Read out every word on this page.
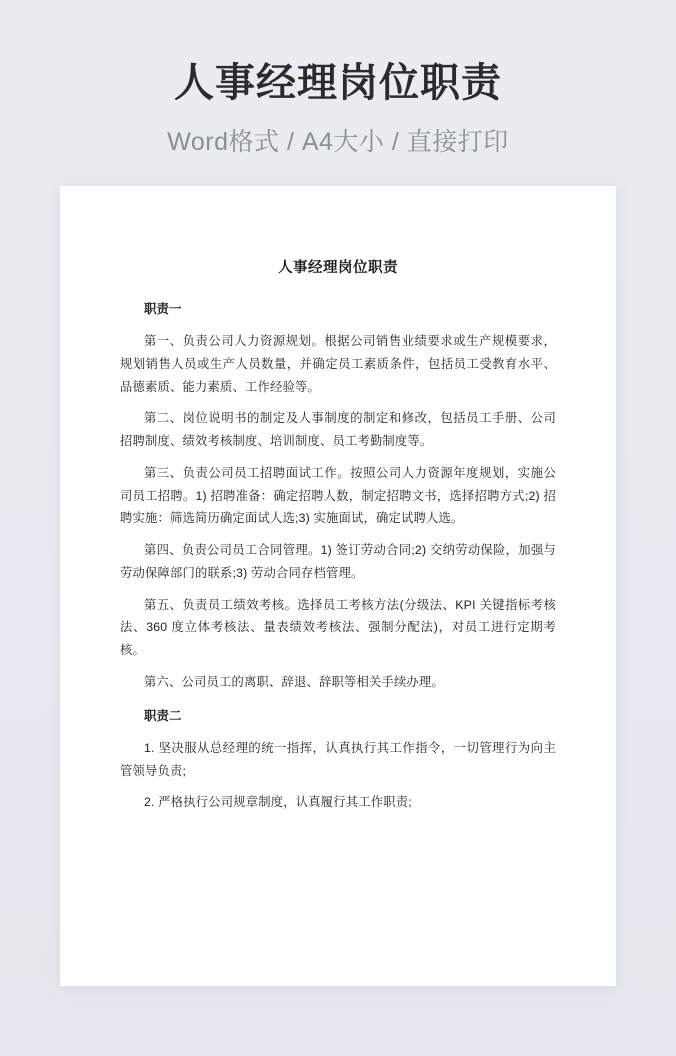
人事经理岗位职责
Word格式 / A4大小 / 直接打印
人事经理岗位职责
职责一

第一、负责公司人力资源规划。根据公司销售业绩要求或生产规模要求，规划销售人员或生产人员数量，并确定员工素质条件，包括员工受教育水平、品德素质、能力素质、工作经验等。

第二、岗位说明书的制定及人事制度的制定和修改，包括员工手册、公司招聘制度、绩效考核制度、培训制度、员工考勤制度等。

第三、负责公司员工招聘面试工作。按照公司人力资源年度规划，实施公司员工招聘。1) 招聘准备：确定招聘人数，制定招聘文书，选择招聘方式;2) 招聘实施：筛选简历确定面试人选;3) 实施面试，确定试聘人选。

第四、负责公司员工合同管理。1) 签订劳动合同;2) 交纳劳动保险，加强与劳动保障部门的联系;3) 劳动合同存档管理。

第五、负责员工绩效考核。选择员工考核方法(分级法、KPI 关键指标考核法、360 度立体考核法、量表绩效考核法、强制分配法)，对员工进行定期考核。

第六、公司员工的离职、辞退、辞职等相关手续办理。

职责二

1. 坚决服从总经理的统一指挥，认真执行其工作指令，一切管理行为向主管领导负责;

2. 严格执行公司规章制度，认真履行其工作职责;
